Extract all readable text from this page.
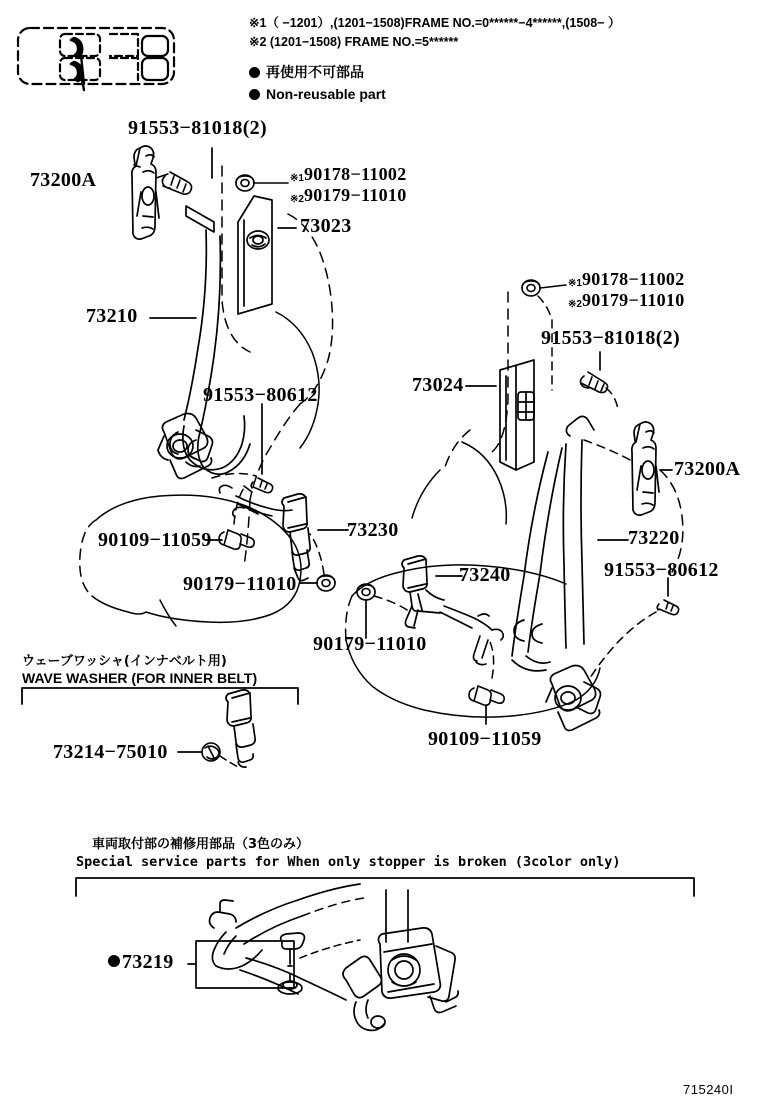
※1（ −1201）,(1201−1508)FRAME NO.=0******−4******,(1508− ）
※2 (1201−1508) FRAME NO.=5******
再使用不可部品
Non-reusable part
91553−81018(2)
73200A	※190178−11002
※290179−11010
73023
73210
91553−80612
73230
90109−11059
90179−11010
※190178−11002
※290179−11010
91553−81018(2)
73024
73200A
73220
91553−80612
73240
90179−11010
90109−11059
ウェーブワッシャ(インナベルト用)
WAVE WASHER (FOR INNER BELT)
73214−75010
車両取付部の補修用部品（3色のみ）
Special service parts for When only stopper is broken (3color only)
73219
715240I
